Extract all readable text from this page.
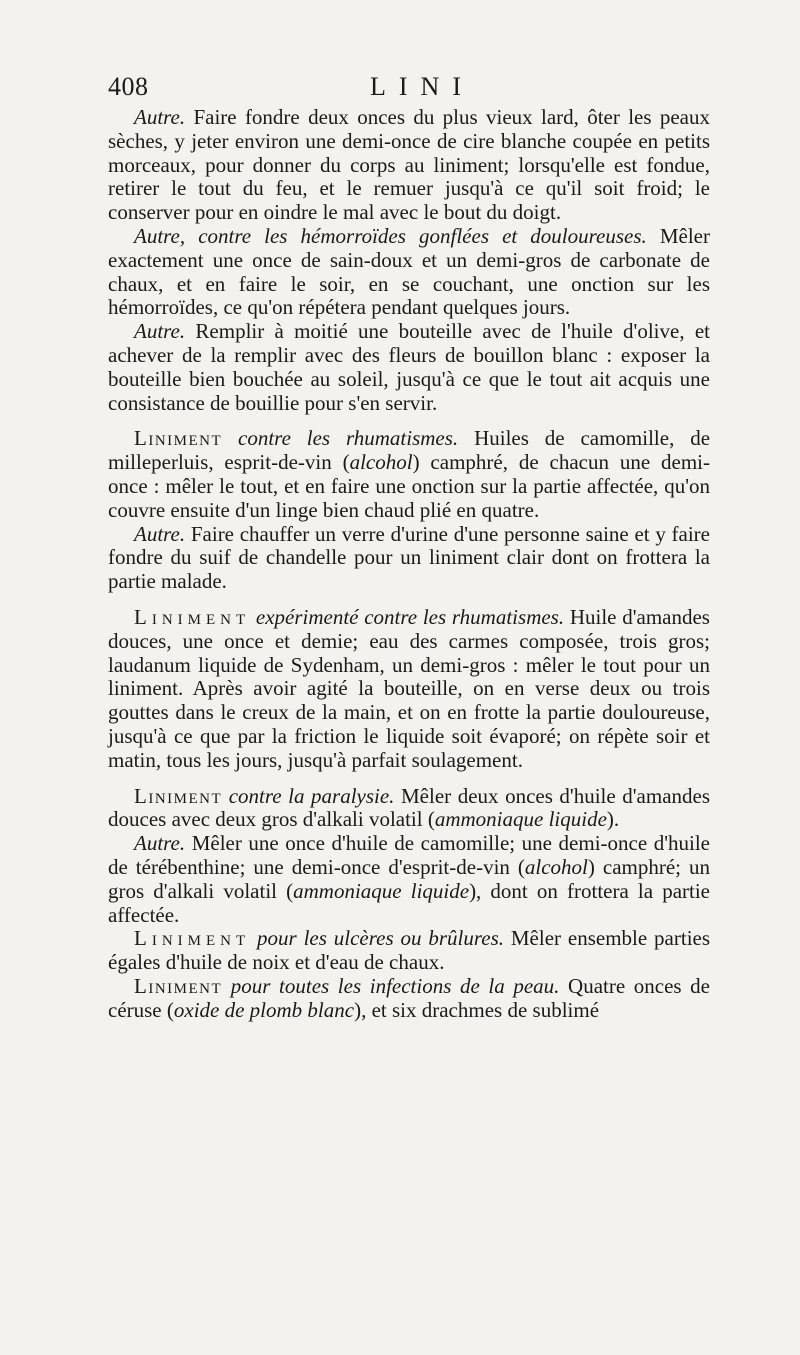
408	LINI

Autre. Faire fondre deux onces du plus vieux lard, ôter les peaux sèches, y jeter environ une demi-once de cire blanche coupée en petits morceaux, pour donner du corps au liniment; lorsqu'elle est fondue, retirer le tout du feu, et le remuer jusqu'à ce qu'il soit froid; le conserver pour en oindre le mal avec le bout du doigt.

Autre, contre les hémorroïdes gonflées et douloureuses. Mêler exactement une once de sain-doux et un demi-gros de carbonate de chaux, et en faire le soir, en se couchant, une onction sur les hémorroïdes, ce qu'on répétera pendant quelques jours.

Autre. Remplir à moitié une bouteille avec de l'huile d'olive, et achever de la remplir avec des fleurs de bouillon blanc : exposer la bouteille bien bouchée au soleil, jusqu'à ce que le tout ait acquis une consistance de bouillie pour s'en servir.

Liniment contre les rhumatismes. Huiles de camomille, de milleperluis, esprit-de-vin (alcohol) camphré, de chacun une demi-once : mêler le tout, et en faire une onction sur la partie affectée, qu'on couvre ensuite d'un linge bien chaud plié en quatre.

Autre. Faire chauffer un verre d'urine d'une personne saine et y faire fondre du suif de chandelle pour un liniment clair dont on frottera la partie malade.

Liniment expérimenté contre les rhumatismes. Huile d'amandes douces, une once et demie; eau des carmes composée, trois gros; laudanum liquide de Sydenham, un demi-gros : mêler le tout pour un liniment. Après avoir agité la bouteille, on en verse deux ou trois gouttes dans le creux de la main, et on en frotte la partie douloureuse, jusqu'à ce que par la friction le liquide soit évaporé; on répète soir et matin, tous les jours, jusqu'à parfait soulagement.

Liniment contre la paralysie. Mêler deux onces d'huile d'amandes douces avec deux gros d'alkali volatil (ammoniaque liquide).

Autre. Mêler une once d'huile de camomille; une demi-once d'huile de térébenthine; une demi-once d'esprit-de-vin (alcohol) camphré; un gros d'alkali volatil (ammoniaque liquide), dont on frottera la partie affectée.

Liniment pour les ulcères ou brûlures. Mêler ensemble parties égales d'huile de noix et d'eau de chaux.

Liniment pour toutes les infections de la peau. Quatre onces de céruse (oxide de plomb blanc), et six drachmes de sublimé
